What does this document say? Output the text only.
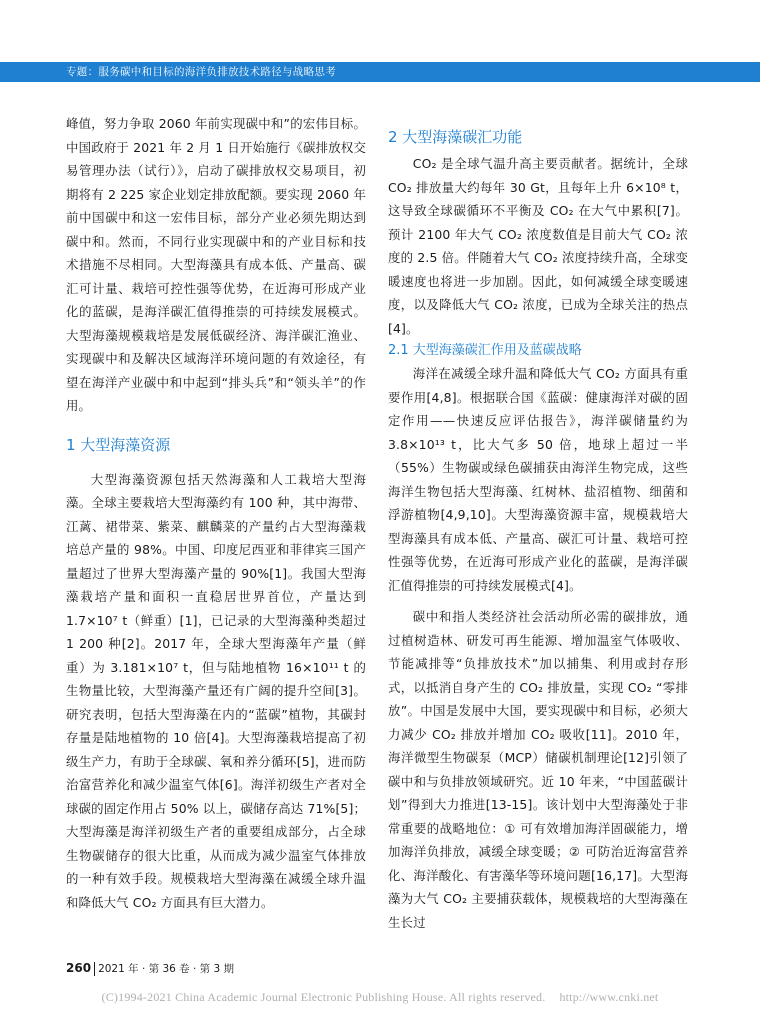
专题：服务碳中和目标的海洋负排放技术路径与战略思考

峰值，努力争取 2060 年前实现碳中和”的宏伟目标。中国政府于 2021 年 2 月 1 日开始施行《碳排放权交易管理办法（试行）》，启动了碳排放权交易项目，初期将有 2 225 家企业划定排放配额。要实现 2060 年前中国碳中和这一宏伟目标，部分产业必须先期达到碳中和。然而，不同行业实现碳中和的产业目标和技术措施不尽相同。大型海藻具有成本低、产量高、碳汇可计量、栽培可控性强等优势，在近海可形成产业化的蓝碳，是海洋碳汇值得推崇的可持续发展模式。大型海藻规模栽培是发展低碳经济、海洋碳汇渔业、实现碳中和及解决区域海洋环境问题的有效途径，有望在海洋产业碳中和中起到“排头兵”和“领头羊”的作用。

1 大型海藻资源

大型海藻资源包括天然海藻和人工栽培大型海藻。全球主要栽培大型海藻约有 100 种，其中海带、江蓠、裙带菜、紫菜、麒麟菜的产量约占大型海藻栽培总产量的 98%。中国、印度尼西亚和菲律宾三国产量超过了世界大型海藻产量的 90%[1]。我国大型海藻栽培产量和面积一直稳居世界首位，产量达到 1.7×10⁷ t（鲜重）[1]，已记录的大型海藻种类超过 1 200 种[2]。2017 年，全球大型海藻年产量（鲜重）为 3.181×10⁷ t，但与陆地植物 16×10¹¹ t 的生物量比较，大型海藻产量还有广阔的提升空间[3]。研究表明，包括大型海藻在内的“蓝碳”植物，其碳封存量是陆地植物的 10 倍[4]。大型海藻栽培提高了初级生产力，有助于全球碳、氧和养分循环[5]，进而防治富营养化和减少温室气体[6]。海洋初级生产者对全球碳的固定作用占 50% 以上，碳储存高达 71%[5]；大型海藻是海洋初级生产者的重要组成部分，占全球生物碳储存的很大比重，从而成为减少温室气体排放的一种有效手段。规模栽培大型海藻在减缓全球升温和降低大气 CO₂ 方面具有巨大潜力。

2 大型海藻碳汇功能

CO₂ 是全球气温升高主要贡献者。据统计，全球 CO₂ 排放量大约每年 30 Gt，且每年上升 6×10⁸ t，这导致全球碳循环不平衡及 CO₂ 在大气中累积[7]。预计 2100 年大气 CO₂ 浓度数值是目前大气 CO₂ 浓度的 2.5 倍。伴随着大气 CO₂ 浓度持续升高，全球变暖速度也将进一步加剧。因此，如何减缓全球变暖速度，以及降低大气 CO₂ 浓度，已成为全球关注的热点[4]。

2.1 大型海藻碳汇作用及蓝碳战略

海洋在减缓全球升温和降低大气 CO₂ 方面具有重要作用[4,8]。根据联合国《蓝碳：健康海洋对碳的固定作用——快速反应评估报告》，海洋碳储量约为 3.8×10¹³ t，比大气多 50 倍，地球上超过一半（55%）生物碳或绿色碳捕获由海洋生物完成，这些海洋生物包括大型海藻、红树林、盐沼植物、细菌和浮游植物[4,9,10]。大型海藻资源丰富，规模栽培大型海藻具有成本低、产量高、碳汇可计量、栽培可控性强等优势，在近海可形成产业化的蓝碳，是海洋碳汇值得推崇的可持续发展模式[4]。

碳中和指人类经济社会活动所必需的碳排放，通过植树造林、研发可再生能源、增加温室气体吸收、节能减排等“负排放技术”加以捕集、利用或封存形式，以抵消自身产生的 CO₂ 排放量，实现 CO₂ “零排放”。中国是发展中大国，要实现碳中和目标，必须大力减少 CO₂ 排放并增加 CO₂ 吸收[11]。2010 年，海洋微型生物碳泵（MCP）储碳机制理论[12]引领了碳中和与负排放领域研究。近 10 年来，“中国蓝碳计划”得到大力推进[13-15]。该计划中大型海藻处于非常重要的战略地位：① 可有效增加海洋固碳能力，增加海洋负排放，减缓全球变暖；② 可防治近海富营养化、海洋酸化、有害藻华等环境问题[16,17]。大型海藻为大气 CO₂ 主要捕获载体，规模栽培的大型海藻在生长过

260 2021 年 · 第 36 卷 · 第 3 期
(C)1994-2021 China Academic Journal Electronic Publishing House. All rights reserved. http://www.cnki.net
